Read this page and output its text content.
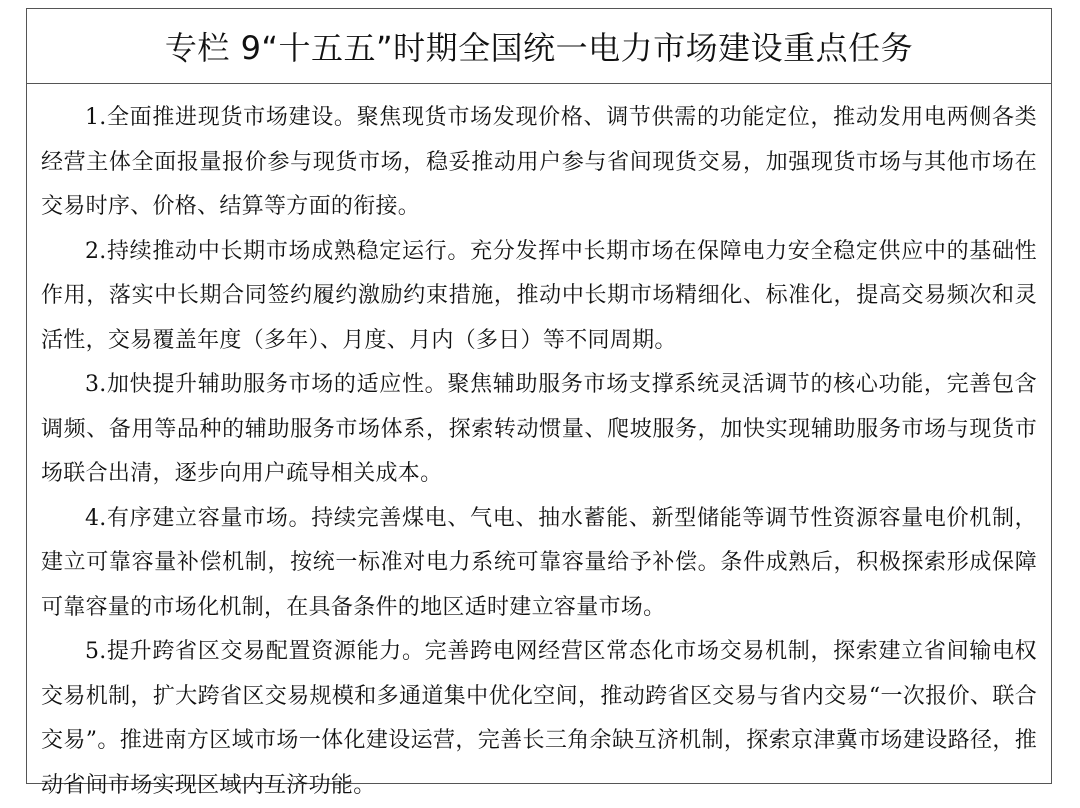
专栏 9“十五五”时期全国统一电力市场建设重点任务

1.全面推进现货市场建设。聚焦现货市场发现价格、调节供需的功能定位，推动发用电两侧各类经营主体全面报量报价参与现货市场，稳妥推动用户参与省间现货交易，加强现货市场与其他市场在交易时序、价格、结算等方面的衔接。

2.持续推动中长期市场成熟稳定运行。充分发挥中长期市场在保障电力安全稳定供应中的基础性作用，落实中长期合同签约履约激励约束措施，推动中长期市场精细化、标准化，提高交易频次和灵活性，交易覆盖年度（多年）、月度、月内（多日）等不同周期。

3.加快提升辅助服务市场的适应性。聚焦辅助服务市场支撑系统灵活调节的核心功能，完善包含调频、备用等品种的辅助服务市场体系，探索转动惯量、爬坡服务，加快实现辅助服务市场与现货市场联合出清，逐步向用户疏导相关成本。

4.有序建立容量市场。持续完善煤电、气电、抽水蓄能、新型储能等调节性资源容量电价机制，建立可靠容量补偿机制，按统一标准对电力系统可靠容量给予补偿。条件成熟后，积极探索形成保障可靠容量的市场化机制，在具备条件的地区适时建立容量市场。

5.提升跨省区交易配置资源能力。完善跨电网经营区常态化市场交易机制，探索建立省间输电权交易机制，扩大跨省区交易规模和多通道集中优化空间，推动跨省区交易与省内交易“一次报价、联合交易”。推进南方区域市场一体化建设运营，完善长三角余缺互济机制，探索京津冀市场建设路径，推动省间市场实现区域内互济功能。
